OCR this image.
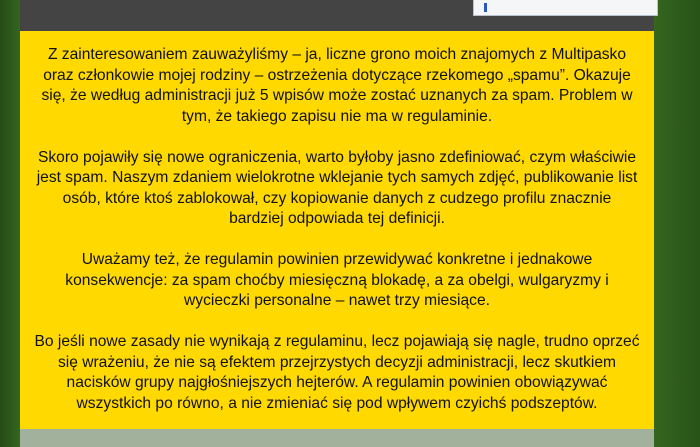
Z zainteresowaniem zauważyliśmy – ja, liczne grono moich znajomych z Multipasko oraz członkowie mojej rodziny – ostrzeżenia dotyczące rzekomego „spamu”. Okazuje się, że według administracji już 5 wpisów może zostać uznanych za spam. Problem w tym, że takiego zapisu nie ma w regulaminie.

Skoro pojawiły się nowe ograniczenia, warto byłoby jasno zdefiniować, czym właściwie jest spam. Naszym zdaniem wielokrotne wklejanie tych samych zdjęć, publikowanie list osób, które ktoś zablokował, czy kopiowanie danych z cudzego profilu znacznie bardziej odpowiada tej definicji.

Uważamy też, że regulamin powinien przewidywać konkretne i jednakowe konsekwencje: za spam choćby miesięczną blokadę, a za obelgi, wulgaryzmy i wycieczki personalne – nawet trzy miesiące.

Bo jeśli nowe zasady nie wynikają z regulaminu, lecz pojawiają się nagle, trudno oprzeć się wrażeniu, że nie są efektem przejrzystych decyzji administracji, lecz skutkiem nacisków grupy najgłośniejszych hejterów. A regulamin powinien obowiązywać wszystkich po równo, a nie zmieniać się pod wpływem czyichś podszeptów.
